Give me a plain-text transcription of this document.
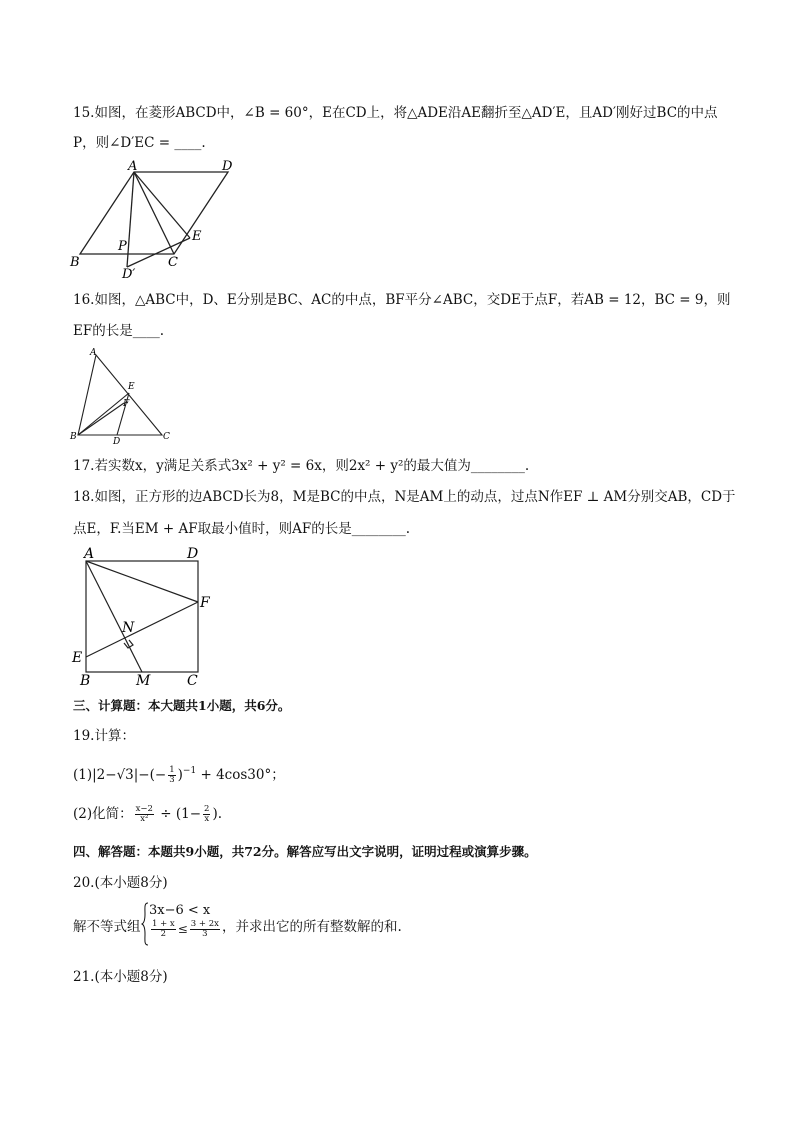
15.如图，在菱形ABCD中，∠B = 60°，E在CD上，将△ADE沿AE翻折至△AD′E，且AD′刚好过BC的中点
P，则∠D′EC = ____.
A	D
B	C
E
P
D′
16.如图，△ABC中，D、E分别是BC、AC的中点，BF平分∠ABC，交DE于点F，若AB = 12，BC = 9，则
EF的长是____.
A
E
F
B	D	C
17.若实数x，y满足关系式3x² + y² = 6x，则2x² + y²的最大值为________.
18.如图，正方形的边ABCD长为8，M是BC的中点，N是AM上的动点，过点N作EF ⊥ AM分别交AB，CD于
点E，F.当EM + AF取最小值时，则AF的长是________.
A	D
F
N
E
B	M	C
三、计算题：本大题共1小题，共6分。
19.计算：
$(1)|2-√3|-(- \frac{1}{3} )^{-1} + 4\cos 30^\circ$；
(2)化简： $\frac{x-2}{\text{x²}} \div (1- \frac{2}{x}$ ).
四、解答题：本题共9小题，共72分。解答应写出文字说明，证明过程或演算步骤。
20.(本小题8分)
解不等式组
3x−6 < x
$\frac{1 + x}{2} \le \frac{3 + 2x}{3}$ ，并求出它的所有整数解的和.
21.(本小题8分)
